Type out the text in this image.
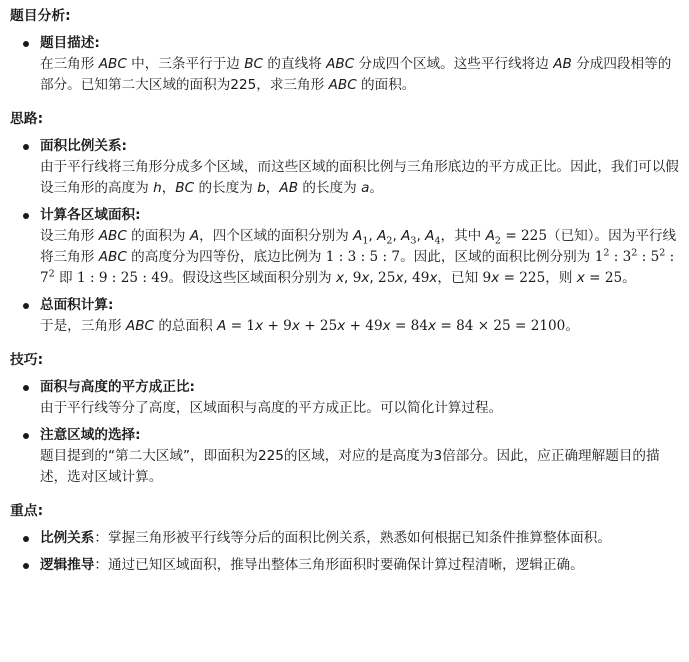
题目分析:
题目描述:
在三角形 ABC 中，三条平行于边 BC 的直线将 ABC 分成四个区域。这些平行线将边 AB 分成四段相等的部分。已知第二大区域的面积为225，求三角形 ABC 的面积。
思路:
面积比例关系:
由于平行线将三角形分成多个区域，而这些区域的面积比例与三角形底边的平方成正比。因此，我们可以假设三角形的高度为 h，BC 的长度为 b，AB 的长度为 a。
计算各区域面积:
设三角形 ABC 的面积为 A，四个区域的面积分别为 $A_1$, $A_2$, $A_3$, $A_4$，其中 $A_2 = 225$（已知）。因为平行线将三角形 ABC 的高度分为四等份，底边比例为 1 : 3 : 5 : 7。因此，区域的面积比例分别为 $1^2$ : $3^2$ : $5^2$ : $7^2$ 即 1 : 9 : 25 : 49。假设这些区域面积分别为 x, 9x, 25x, 49x，已知 9x = 225，则 x = 25。
总面积计算:
于是，三角形 ABC 的总面积 A = 1x + 9x + 25x + 49x = 84x = 84 × 25 = 2100。
技巧:
面积与高度的平方成正比:
由于平行线等分了高度，区域面积与高度的平方成正比。可以简化计算过程。
注意区域的选择:
题目提到的“第二大区域”，即面积为225的区域，对应的是高度为3倍部分。因此，应正确理解题目的描述，选对区域计算。
重点:
比例关系：掌握三角形被平行线等分后的面积比例关系，熟悉如何根据已知条件推算整体面积。
逻辑推导：通过已知区域面积，推导出整体三角形面积时要确保计算过程清晰，逻辑正确。
